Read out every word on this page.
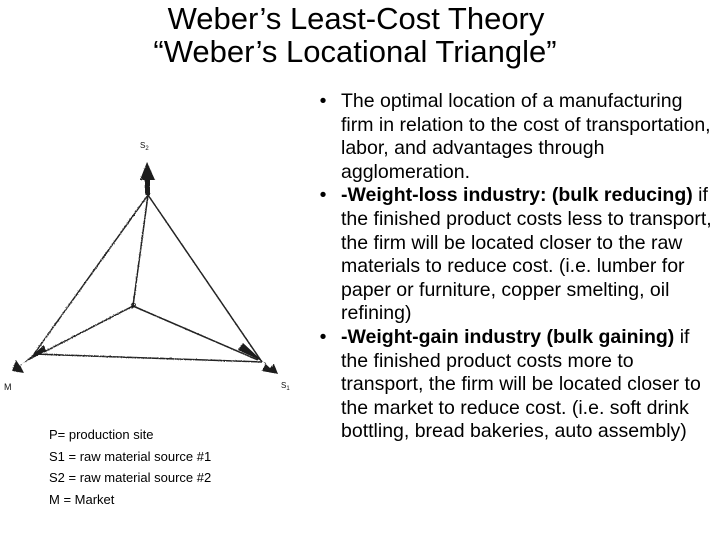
Weber’s Least-Cost Theory
“Weber’s Locational Triangle”
$S_2$
P
M	$S_1$
P= production site
S1 = raw material source #1
S2 = raw material source #2
M = Market
• The optimal location of a manufacturing firm in relation to the cost of transportation, labor, and advantages through agglomeration.
• -Weight-loss industry: (bulk reducing) if the finished product costs less to transport, the firm will be located closer to the raw materials to reduce cost. (i.e. lumber for paper or furniture, copper smelting, oil refining)
• -Weight-gain industry (bulk gaining) if the finished product costs more to transport, the firm will be located closer to the market to reduce cost. (i.e. soft drink bottling, bread bakeries, auto assembly)
